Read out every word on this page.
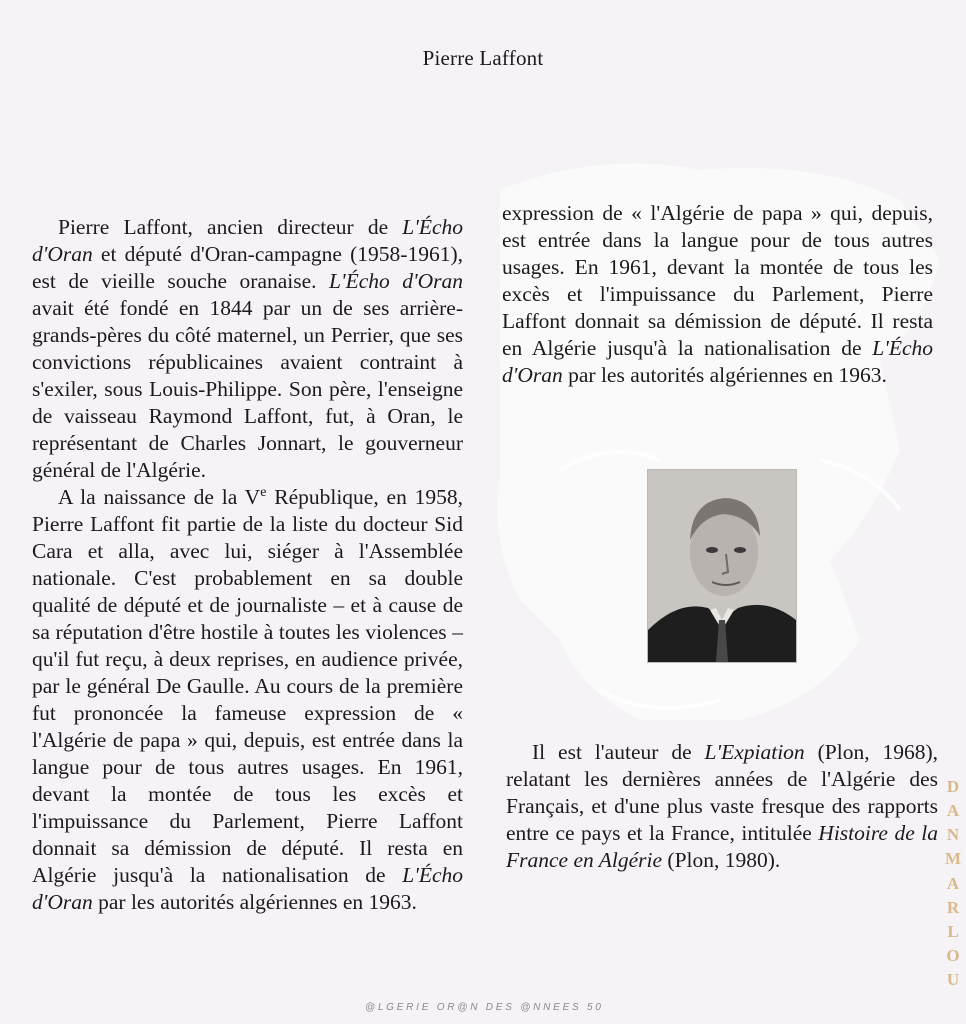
Pierre Laffont

Pierre Laffont, ancien directeur de L'Écho d'Oran et député d'Oran-campagne (1958-1961), est de vieille souche oranaise. L'Écho d'Oran avait été fondé en 1844 par un de ses arrière-grands-pères du côté maternel, un Perrier, que ses convictions républicaines avaient contraint à s'exiler, sous Louis-Philippe. Son père, l'enseigne de vaisseau Raymond Laffont, fut, à Oran, le représentant de Charles Jonnart, le gouverneur général de l'Algérie.

A la naissance de la Ve République, en 1958, Pierre Laffont fit partie de la liste du docteur Sid Cara et alla, avec lui, siéger à l'Assemblée nationale. C'est probablement en sa double qualité de député et de journaliste – et à cause de sa réputation d'être hostile à toutes les violences – qu'il fut reçu, à deux reprises, en audience privée, par le général De Gaulle. Au cours de la première fut prononcée la fameuse expression de « l'Algérie de papa » qui, depuis, est entrée dans la langue pour de tous autres usages. En 1961, devant la montée de tous les excès et l'impuissance du Parlement, Pierre Laffont donnait sa démission de député. Il resta en Algérie jusqu'à la nationalisation de L'Écho d'Oran par les autorités algériennes en 1963.

expression de « l'Algérie de papa » qui, depuis, est entrée dans la langue pour de tous autres usages. En 1961, devant la montée de tous les excès et l'impuissance du Parlement, Pierre Laffont donnait sa démission de député. Il resta en Algérie jusqu'à la nationalisation de L'Écho d'Oran par les autorités algériennes en 1963.

Il est l'auteur de L'Expiation (Plon, 1968), relatant les dernières années de l'Algérie des Français, et d'une plus vaste fresque des rapports entre ce pays et la France, intitulée Histoire de la France en Algérie (Plon, 1980).

D
A
N
M
A
R
L
O
U
@ L G E R I E   O R @ N   D E S   @ N N E E S   5 0
